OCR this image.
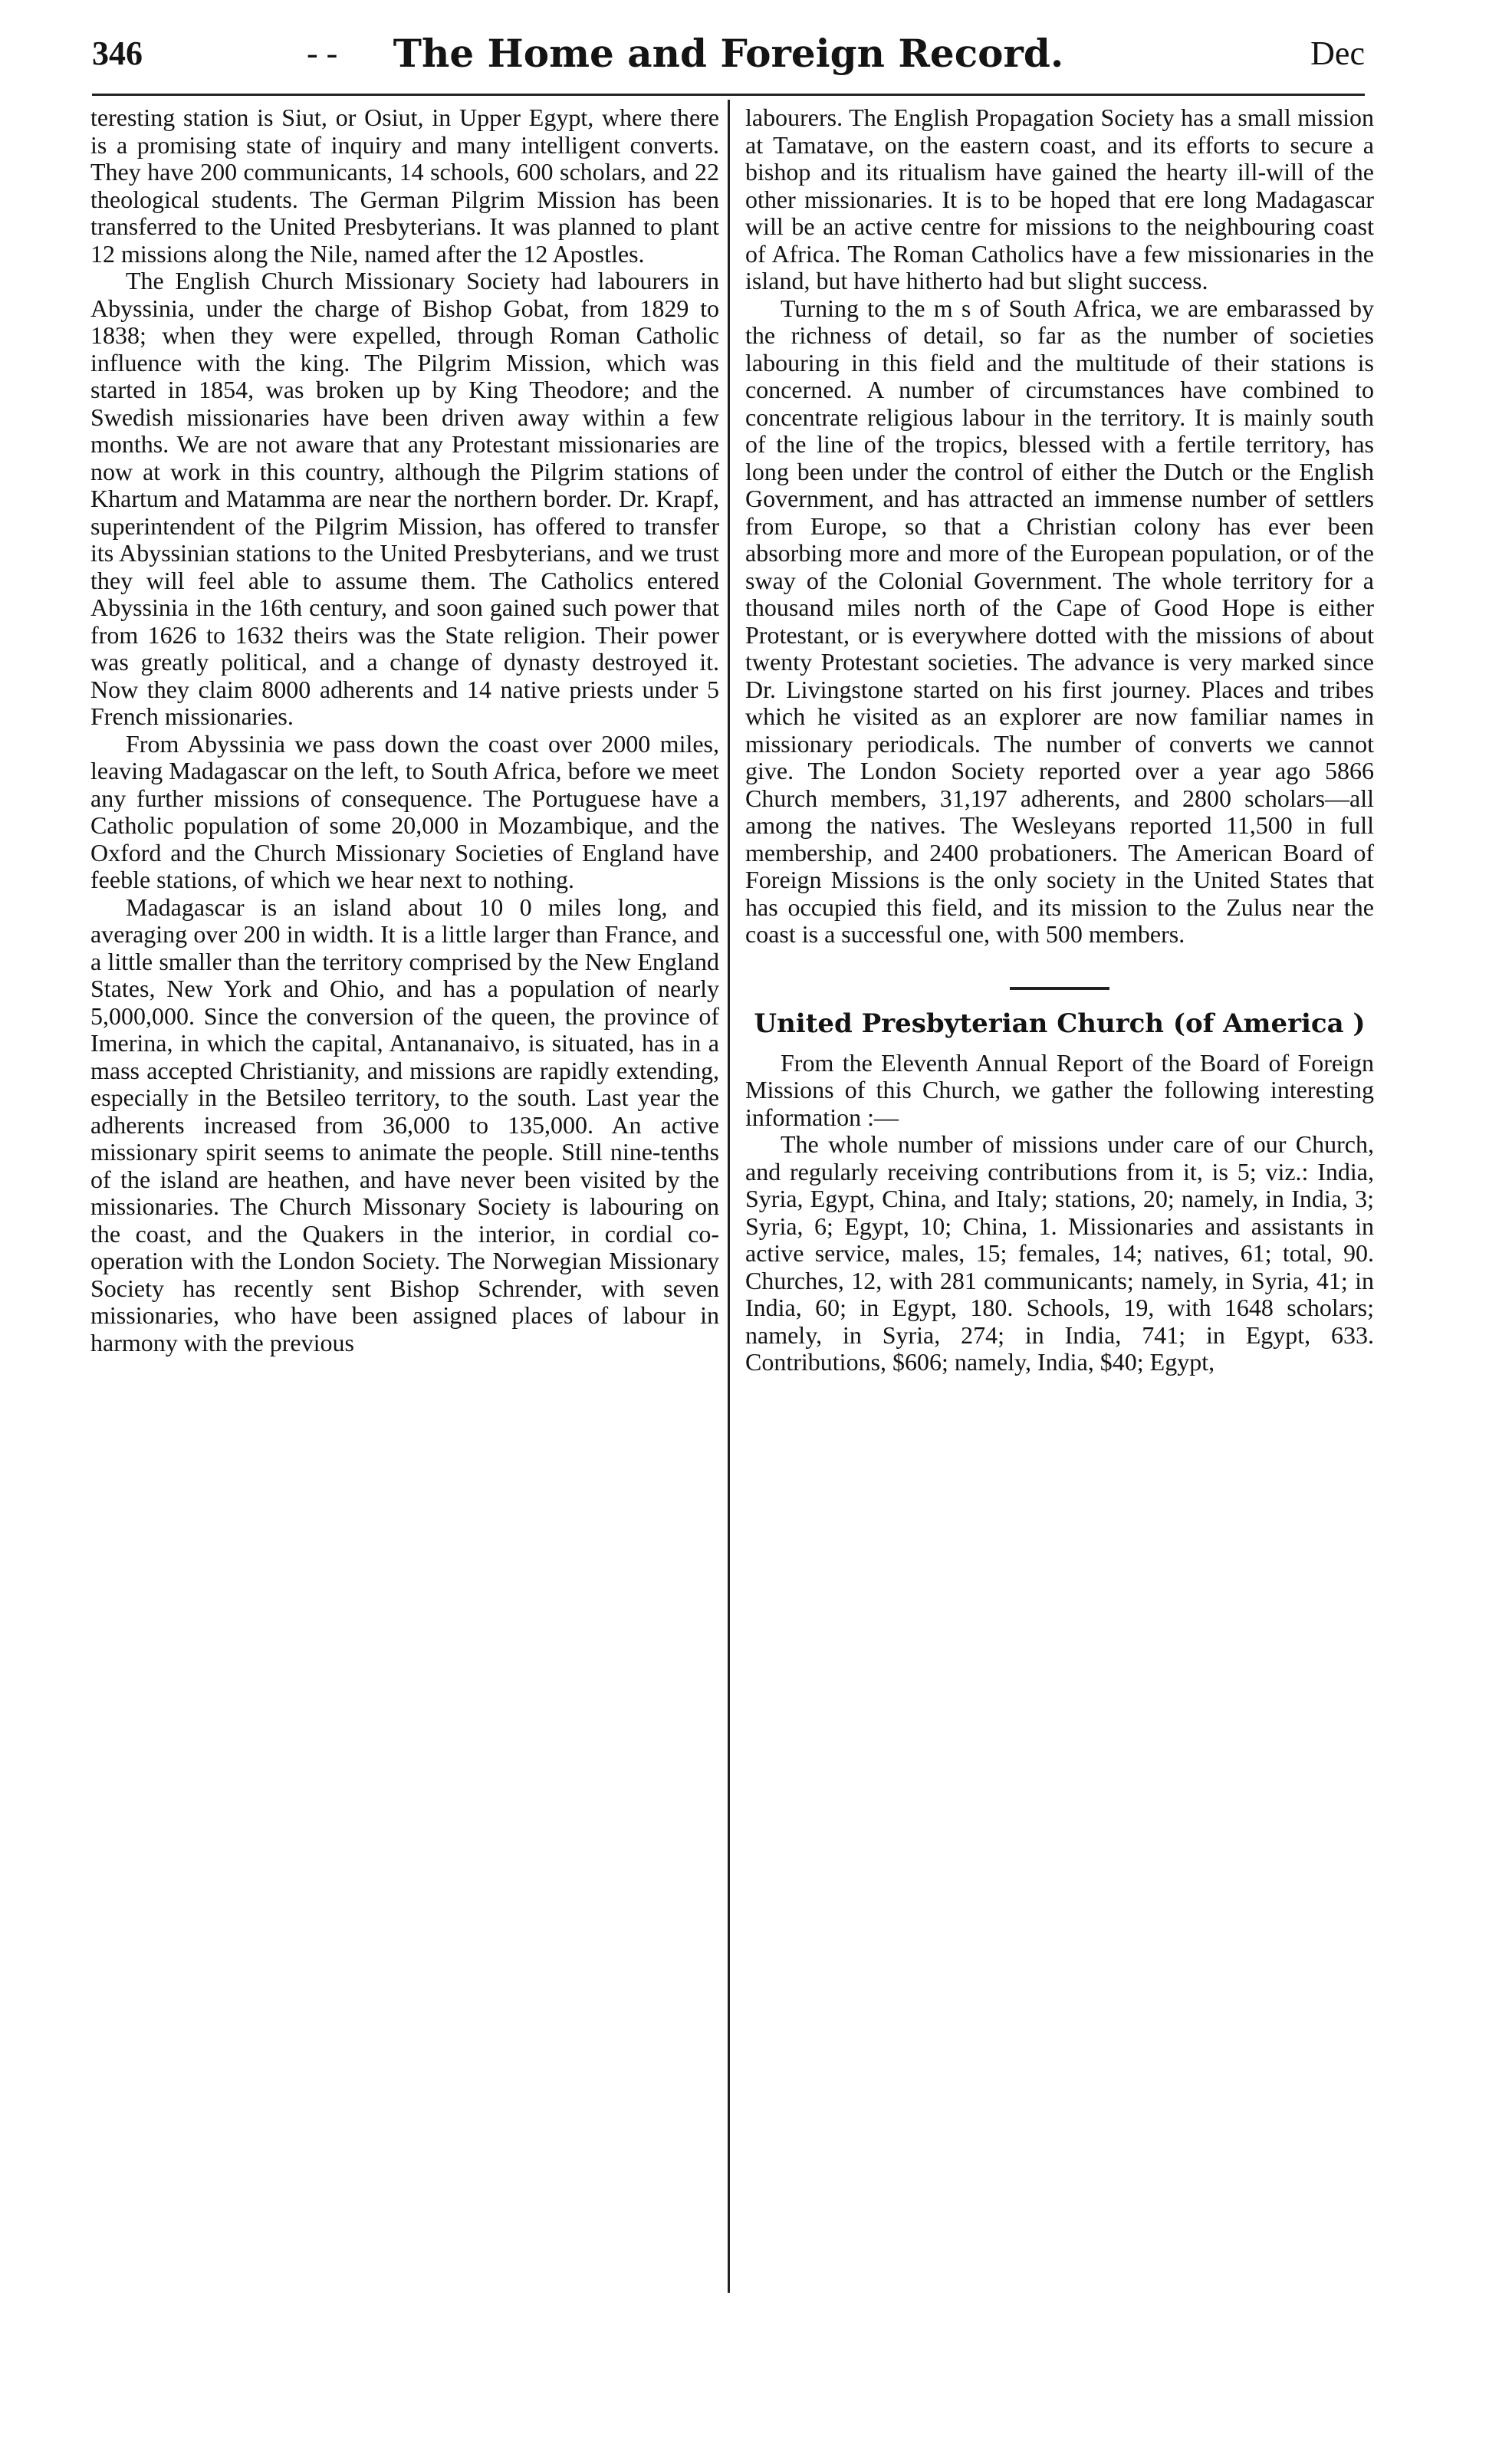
346	- -	The Home and Foreign Record.	Dec

teresting station is Siut, or Osiut, in Upper Egypt, where there is a promising state of inquiry and many intelligent converts. They have 200 communicants, 14 schools, 600 scholars, and 22 theological students. The German Pilgrim Mission has been transferred to the United Presbyterians. It was planned to plant 12 missions along the Nile, named after the 12 Apostles.

The English Church Missionary Society had labourers in Abyssinia, under the charge of Bishop Gobat, from 1829 to 1838; when they were expelled, through Roman Catholic influence with the king. The Pilgrim Mission, which was started in 1854, was broken up by King Theodore; and the Swedish missionaries have been driven away within a few months. We are not aware that any Protestant missionaries are now at work in this country, although the Pilgrim stations of Khartum and Matamma are near the northern border. Dr. Krapf, superintendent of the Pilgrim Mission, has offered to transfer its Abyssinian stations to the United Presbyterians, and we trust they will feel able to assume them. The Catholics entered Abyssinia in the 16th century, and soon gained such power that from 1626 to 1632 theirs was the State religion. Their power was greatly political, and a change of dynasty destroyed it. Now they claim 8000 adherents and 14 native priests under 5 French missionaries.

From Abyssinia we pass down the coast over 2000 miles, leaving Madagascar on the left, to South Africa, before we meet any further missions of consequence. The Portuguese have a Catholic population of some 20,000 in Mozambique, and the Oxford and the Church Missionary Societies of England have feeble stations, of which we hear next to nothing.

Madagascar is an island about 10 0 miles long, and averaging over 200 in width. It is a little larger than France, and a little smaller than the territory comprised by the New England States, New York and Ohio, and has a population of nearly 5,000,000. Since the conversion of the queen, the province of Imerina, in which the capital, Antananaivo, is situated, has in a mass accepted Christianity, and missions are rapidly extending, especially in the Betsileo territory, to the south. Last year the adherents increased from 36,000 to 135,000. An active missionary spirit seems to animate the people. Still nine-tenths of the island are heathen, and have never been visited by the missionaries. The Church Missonary Society is labouring on the coast, and the Quakers in the interior, in cordial co-operation with the London Society. The Norwegian Missionary Society has recently sent Bishop Schrender, with seven missionaries, who have been assigned places of labour in harmony with the previous

labourers. The English Propagation Society has a small mission at Tamatave, on the eastern coast, and its efforts to secure a bishop and its ritualism have gained the hearty ill-will of the other missionaries. It is to be hoped that ere long Madagascar will be an active centre for missions to the neighbouring coast of Africa. The Roman Catholics have a few missionaries in the island, but have hitherto had but slight success.

Turning to the m s of South Africa, we are embarassed by the richness of detail, so far as the number of societies labouring in this field and the multitude of their stations is concerned. A number of circumstances have combined to concentrate religious labour in the territory. It is mainly south of the line of the tropics, blessed with a fertile territory, has long been under the control of either the Dutch or the English Government, and has attracted an immense number of settlers from Europe, so that a Christian colony has ever been absorbing more and more of the European population, or of the sway of the Colonial Government. The whole territory for a thousand miles north of the Cape of Good Hope is either Protestant, or is everywhere dotted with the missions of about twenty Protestant societies. The advance is very marked since Dr. Livingstone started on his first journey. Places and tribes which he visited as an explorer are now familiar names in missionary periodicals. The number of converts we cannot give. The London Society reported over a year ago 5866 Church members, 31,197 adherents, and 2800 scholars—all among the natives. The Wesleyans reported 11,500 in full membership, and 2400 probationers. The American Board of Foreign Missions is the only society in the United States that has occupied this field, and its mission to the Zulus near the coast is a successful one, with 500 members.

United Presbyterian Church (of America )

From the Eleventh Annual Report of the Board of Foreign Missions of this Church, we gather the following interesting information :—

The whole number of missions under care of our Church, and regularly receiving contributions from it, is 5; viz.: India, Syria, Egypt, China, and Italy; stations, 20; namely, in India, 3; Syria, 6; Egypt, 10; China, 1. Missionaries and assistants in active service, males, 15; females, 14; natives, 61; total, 90. Churches, 12, with 281 communicants; namely, in Syria, 41; in India, 60; in Egypt, 180. Schools, 19, with 1648 scholars; namely, in Syria, 274; in India, 741; in Egypt, 633. Contributions, $606; namely, India, $40; Egypt,
